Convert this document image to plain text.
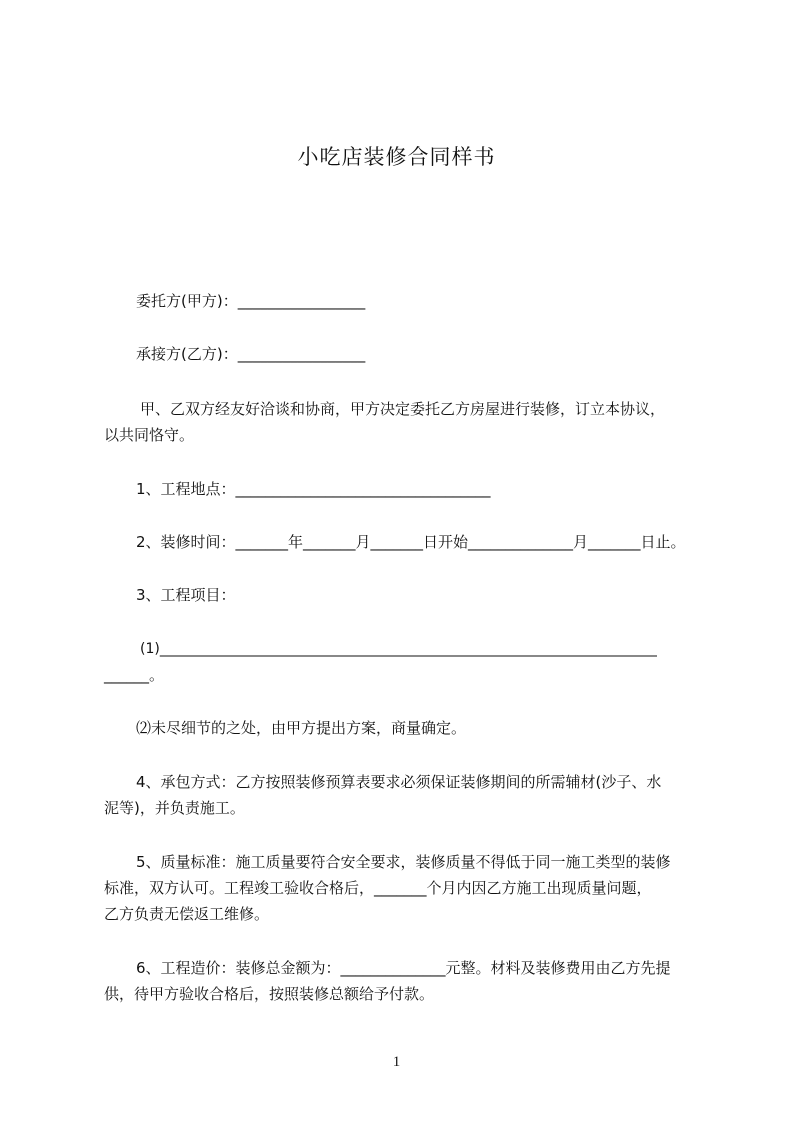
小吃店装修合同样书
委托方(甲方)：_________________
承接方(乙方)：_________________
甲、乙双方经友好洽谈和协商，甲方决定委托乙方房屋进行装修，订立本协议，
以共同恪守。
1、工程地点：__________________________________
2、装修时间：_______年_______月_______日开始______________月_______日止。
3、工程项目：
(1)_______________________________________________________________________
______。
⑵未尽细节的之处，由甲方提出方案，商量确定。
4、承包方式：乙方按照装修预算表要求必须保证装修期间的所需辅材(沙子、水
泥等)，并负责施工。
5、质量标准：施工质量要符合安全要求，装修质量不得低于同一施工类型的装修
标准，双方认可。工程竣工验收合格后，_______个月内因乙方施工出现质量问题，
乙方负责无偿返工维修。
6、工程造价：装修总金额为：______________元整。材料及装修费用由乙方先提
供，待甲方验收合格后，按照装修总额给予付款。
1
